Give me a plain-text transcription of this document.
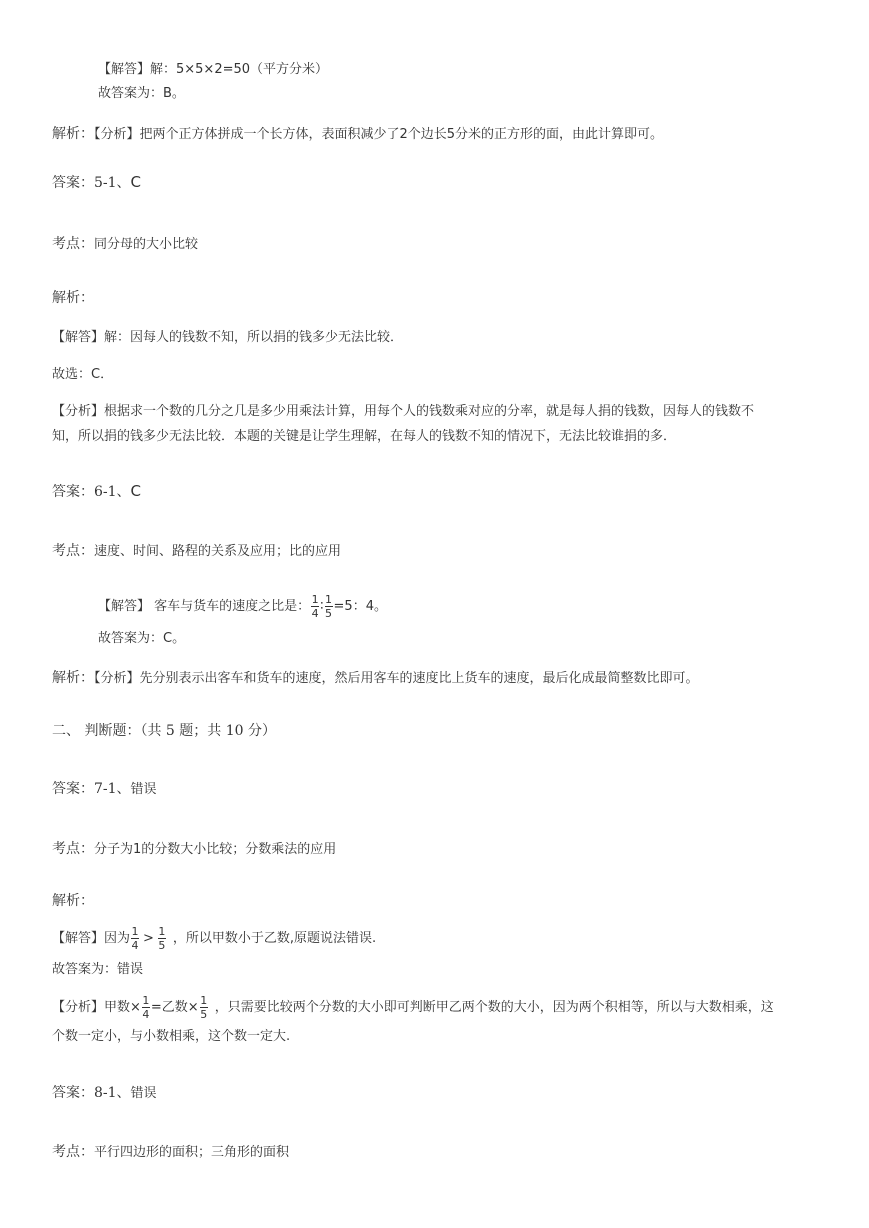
【解答】解：5×5×2=50（平方分米）
故答案为：B。
解析：【分析】把两个正方体拼成一个长方体，表面积减少了2个边长5分米的正方形的面，由此计算即可。
答案：5-1、C
考点：同分母的大小比较
解析：
【解答】解：因每人的钱数不知，所以捐的钱多少无法比较．
故选：C．
【分析】根据求一个数的几分之几是多少用乘法计算，用每个人的钱数乘对应的分率，就是每人捐的钱数，因每人的钱数不
知，所以捐的钱多少无法比较．本题的关键是让学生理解，在每人的钱数不知的情况下，无法比较谁捐的多．
答案：6-1、C
考点：速度、时间、路程的关系及应用；比的应用
【解答】 客车与货车的速度之比是： $\frac{1}{4}$ ∶ $\frac{1}{5} =5$：4。
故答案为：C。
解析：【分析】先分别表示出客车和货车的速度，然后用客车的速度比上货车的速度，最后化成最简整数比即可。
二、 判断题：（共 5 题；共 10 分）
答案：7-1、错误
考点：分子为1的分数大小比较；分数乘法的应用
解析：
【解答】因为 $\frac{1}{4} > \frac{1}{5}$ ，所以甲数小于乙数,原题说法错误.
故答案为：错误
【分析】甲数× $\frac{1}{4}$ =乙数× $\frac{1}{5}$ ，只需要比较两个分数的大小即可判断甲乙两个数的大小，因为两个积相等，所以与大数相乘，这
个数一定小，与小数相乘，这个数一定大.
答案：8-1、错误
考点：平行四边形的面积；三角形的面积
